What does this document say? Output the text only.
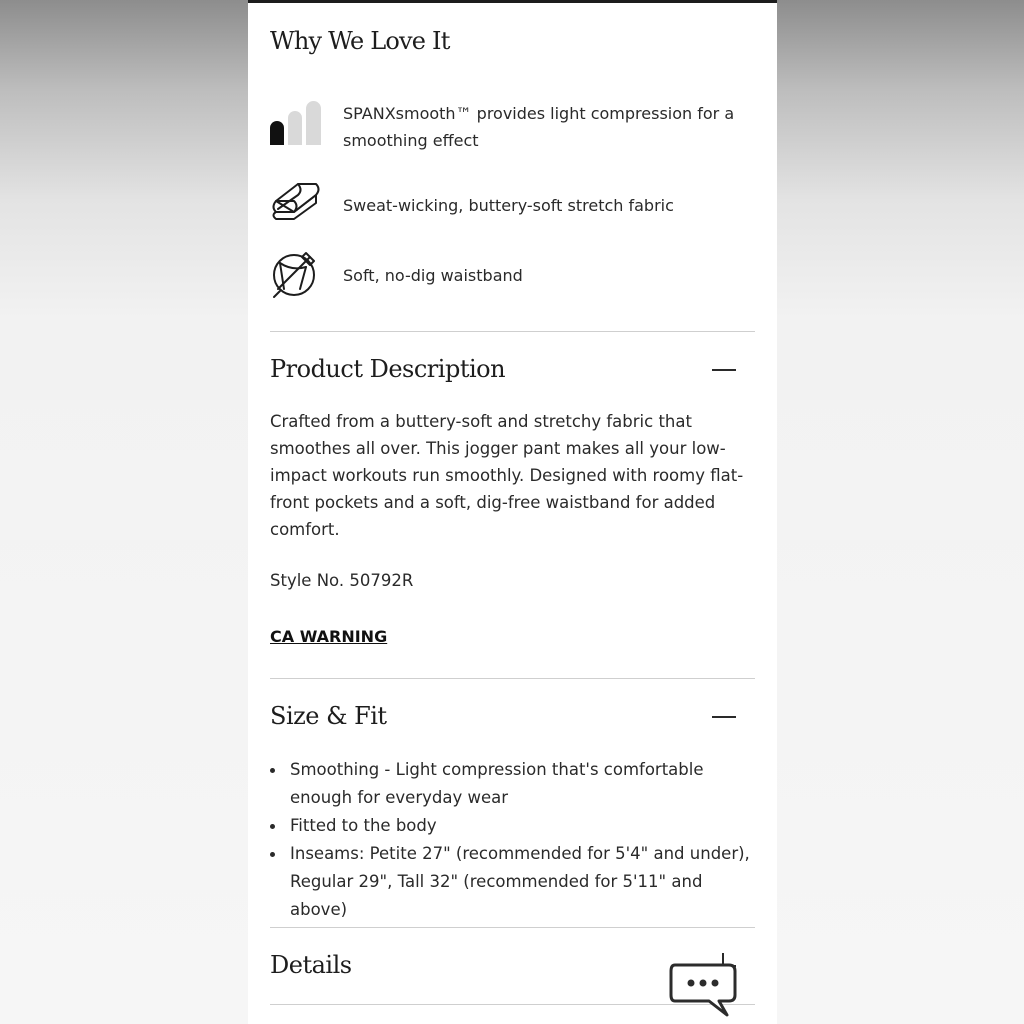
Why We Love It
SPANXsmooth™ provides light compression for a smoothing effect
Sweat-wicking, buttery-soft stretch fabric
Soft, no-dig waistband
Product Description
Crafted from a buttery-soft and stretchy fabric that smoothes all over. This jogger pant makes all your low-impact workouts run smoothly. Designed with roomy flat-front pockets and a soft, dig-free waistband for added comfort.
Style No. 50792R
CA WARNING
Size & Fit
Smoothing - Light compression that's comfortable enough for everyday wear
Fitted to the body
Inseams: Petite 27" (recommended for 5'4" and under), Regular 29", Tall 32" (recommended for 5'11" and above)
Details
